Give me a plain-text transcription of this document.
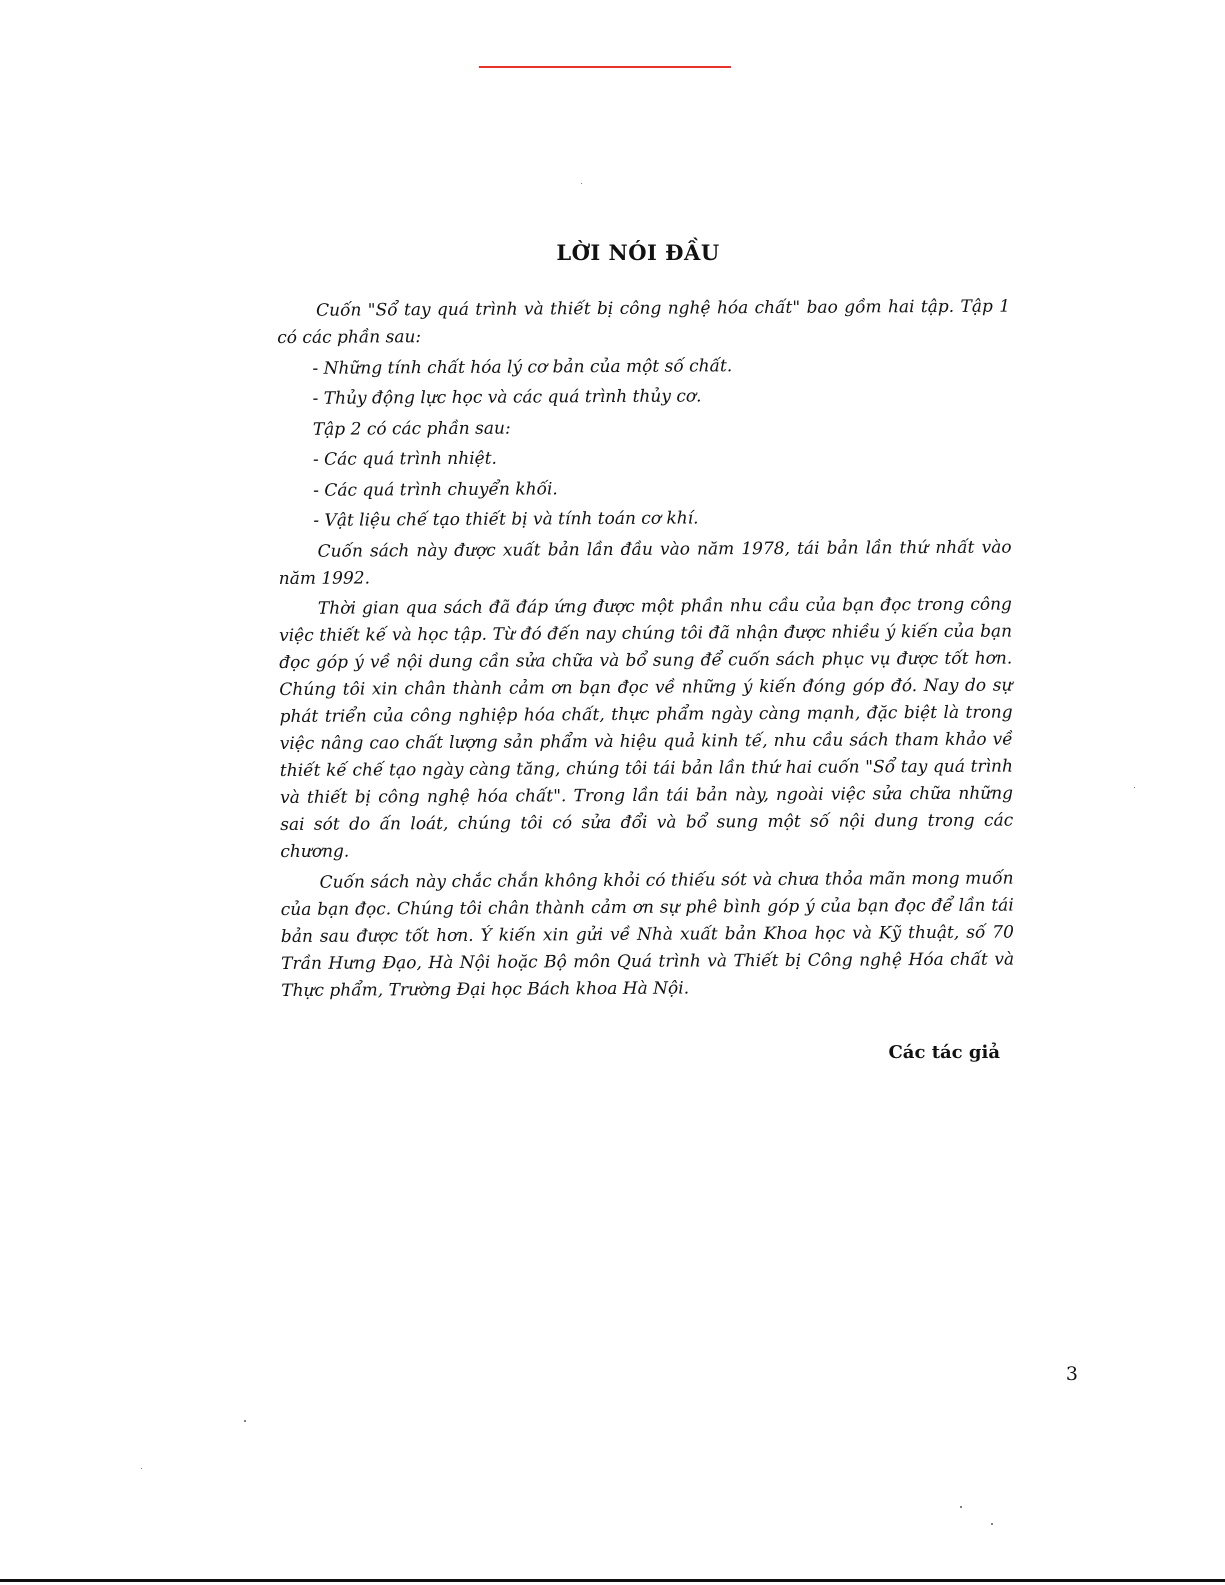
LỜI NÓI ĐẦU

Cuốn "Sổ tay quá trình và thiết bị công nghệ hóa chất" bao gồm hai tập. Tập 1 có các phần sau:

- Những tính chất hóa lý cơ bản của một số chất.

- Thủy động lực học và các quá trình thủy cơ.

Tập 2 có các phần sau:

- Các quá trình nhiệt.

- Các quá trình chuyển khối.

- Vật liệu chế tạo thiết bị và tính toán cơ khí.

Cuốn sách này được xuất bản lần đầu vào năm 1978, tái bản lần thứ nhất vào năm 1992.

Thời gian qua sách đã đáp ứng được một phần nhu cầu của bạn đọc trong công việc thiết kế và học tập. Từ đó đến nay chúng tôi đã nhận được nhiều ý kiến của bạn đọc góp ý về nội dung cần sửa chữa và bổ sung để cuốn sách phục vụ được tốt hơn. Chúng tôi xin chân thành cảm ơn bạn đọc về những ý kiến đóng góp đó. Nay do sự phát triển của công nghiệp hóa chất, thực phẩm ngày càng mạnh, đặc biệt là trong việc nâng cao chất lượng sản phẩm và hiệu quả kinh tế, nhu cầu sách tham khảo về thiết kế chế tạo ngày càng tăng, chúng tôi tái bản lần thứ hai cuốn "Sổ tay quá trình và thiết bị công nghệ hóa chất". Trong lần tái bản này, ngoài việc sửa chữa những sai sót do ấn loát, chúng tôi có sửa đổi và bổ sung một số nội dung trong các chương.

Cuốn sách này chắc chắn không khỏi có thiếu sót và chưa thỏa mãn mong muốn của bạn đọc. Chúng tôi chân thành cảm ơn sự phê bình góp ý của bạn đọc để lần tái bản sau được tốt hơn. Ý kiến xin gửi về Nhà xuất bản Khoa học và Kỹ thuật, số 70 Trần Hưng Đạo, Hà Nội hoặc Bộ môn Quá trình và Thiết bị Công nghệ Hóa chất và Thực phẩm, Trường Đại học Bách khoa Hà Nội.

Các tác giả
3
